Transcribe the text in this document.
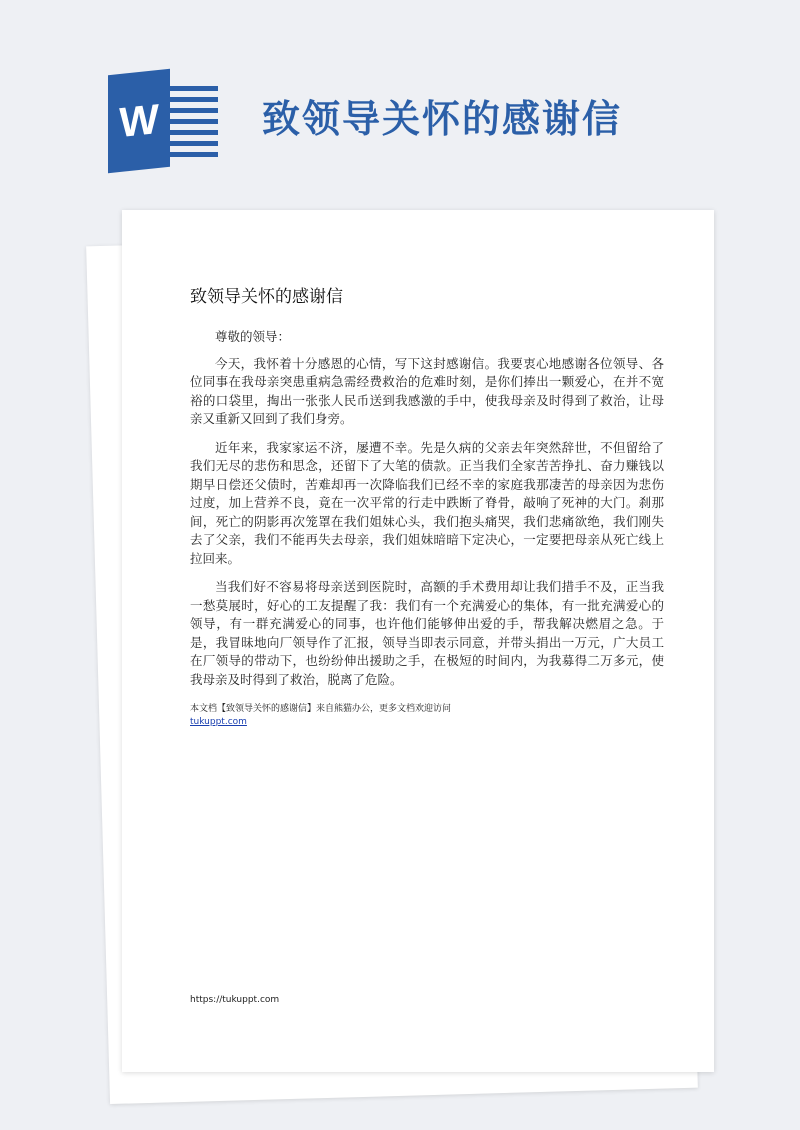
W	致领导关怀的感谢信
致领导关怀的感谢信

尊敬的领导：

今天，我怀着十分感恩的心情，写下这封感谢信。我要衷心地感谢各位领导、各位同事在我母亲突患重病急需经费救治的危难时刻，是你们捧出一颗爱心，在并不宽裕的口袋里，掏出一张张人民币送到我感激的手中，使我母亲及时得到了救治，让母亲又重新又回到了我们身旁。

近年来，我家家运不济，屡遭不幸。先是久病的父亲去年突然辞世，不但留给了我们无尽的悲伤和思念，还留下了大笔的债款。正当我们全家苦苦挣扎、奋力赚钱以期早日偿还父债时，苦难却再一次降临我们已经不幸的家庭我那凄苦的母亲因为悲伤过度，加上营养不良，竟在一次平常的行走中跌断了脊骨，敲响了死神的大门。刹那间，死亡的阴影再次笼罩在我们姐妹心头，我们抱头痛哭，我们悲痛欲绝，我们刚失去了父亲，我们不能再失去母亲，我们姐妹暗暗下定决心，一定要把母亲从死亡线上拉回来。

当我们好不容易将母亲送到医院时，高额的手术费用却让我们措手不及，正当我一愁莫展时，好心的工友提醒了我：我们有一个充满爱心的集体，有一批充满爱心的领导，有一群充满爱心的同事，也许他们能够伸出爱的手，帮我解决燃眉之急。于是，我冒昧地向厂领导作了汇报，领导当即表示同意，并带头捐出一万元，广大员工在厂领导的带动下，也纷纷伸出援助之手，在极短的时间内，为我募得二万多元，使我母亲及时得到了救治，脱离了危险。

本文档【致领导关怀的感谢信】来自熊猫办公，更多文档欢迎访问
tukuppt.com
https://tukuppt.com
